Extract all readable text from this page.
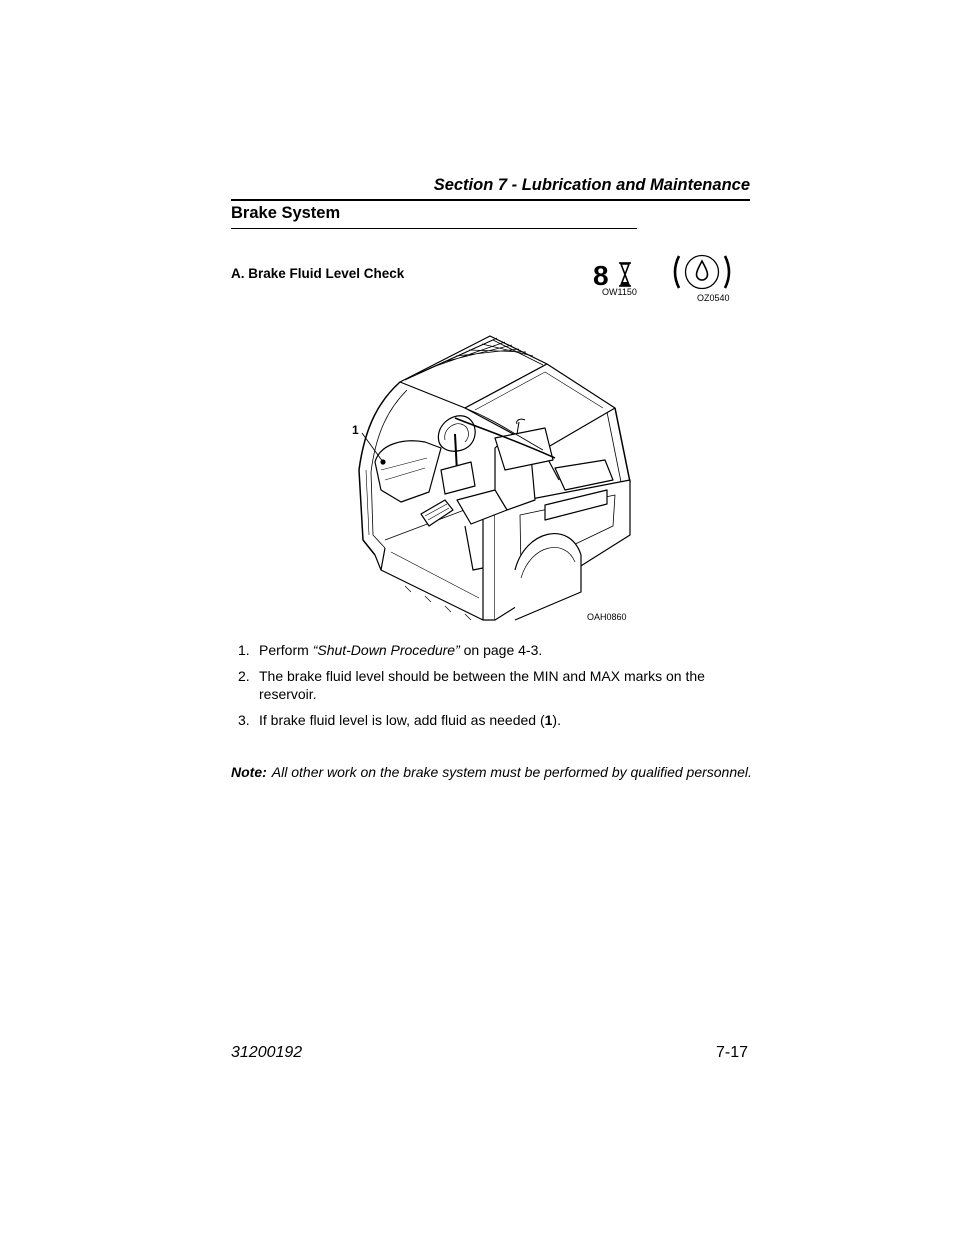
Section 7 - Lubrication and Maintenance
Brake System
A. Brake Fluid Level Check	8
OW1150
OZ0540
1
OAH0860
1. Perform “Shut-Down Procedure” on page 4-3.
2. The brake fluid level should be between the MIN and MAX marks on the reservoir.
3. If brake fluid level is low, add fluid as needed (1).
Note: All other work on the brake system must be performed by qualified personnel.
31200192	7-17
